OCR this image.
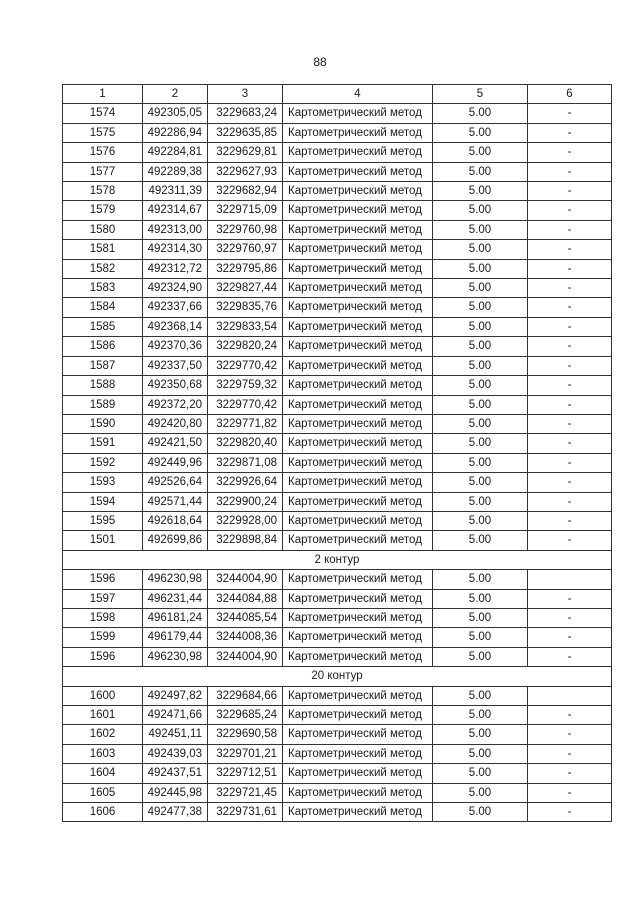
88
1	2	3	4	5	6
1574	492305,05	3229683,24	Картометрический метод	5.00	-
1575	492286,94	3229635,85	Картометрический метод	5.00	-
1576	492284,81	3229629,81	Картометрический метод	5.00	-
1577	492289,38	3229627,93	Картометрический метод	5.00	-
1578	492311,39	3229682,94	Картометрический метод	5.00	-
1579	492314,67	3229715,09	Картометрический метод	5.00	-
1580	492313,00	3229760,98	Картометрический метод	5.00	-
1581	492314,30	3229760,97	Картометрический метод	5.00	-
1582	492312,72	3229795,86	Картометрический метод	5.00	-
1583	492324,90	3229827,44	Картометрический метод	5.00	-
1584	492337,66	3229835,76	Картометрический метод	5.00	-
1585	492368,14	3229833,54	Картометрический метод	5.00	-
1586	492370,36	3229820,24	Картометрический метод	5.00	-
1587	492337,50	3229770,42	Картометрический метод	5.00	-
1588	492350,68	3229759,32	Картометрический метод	5.00	-
1589	492372,20	3229770,42	Картометрический метод	5.00	-
1590	492420,80	3229771,82	Картометрический метод	5.00	-
1591	492421,50	3229820,40	Картометрический метод	5.00	-
1592	492449,96	3229871,08	Картометрический метод	5.00	-
1593	492526,64	3229926,64	Картометрический метод	5.00	-
1594	492571,44	3229900,24	Картометрический метод	5.00	-
1595	492618,64	3229928,00	Картометрический метод	5.00	-
1501	492699,86	3229898,84	Картометрический метод	5.00	-
2 контур					
1596	496230,98	3244004,90	Картометрический метод	5.00	
1597	496231,44	3244084,88	Картометрический метод	5.00	-
1598	496181,24	3244085,54	Картометрический метод	5.00	-
1599	496179,44	3244008,36	Картометрический метод	5.00	-
1596	496230,98	3244004,90	Картометрический метод	5.00	-
20 контур					
1600	492497,82	3229684,66	Картометрический метод	5.00	
1601	492471,66	3229685,24	Картометрический метод	5.00	-
1602	492451,11	3229690,58	Картометрический метод	5.00	-
1603	492439,03	3229701,21	Картометрический метод	5.00	-
1604	492437,51	3229712,51	Картометрический метод	5.00	-
1605	492445,98	3229721,45	Картометрический метод	5.00	-
1606	492477,38	3229731,61	Картометрический метод	5.00	-
